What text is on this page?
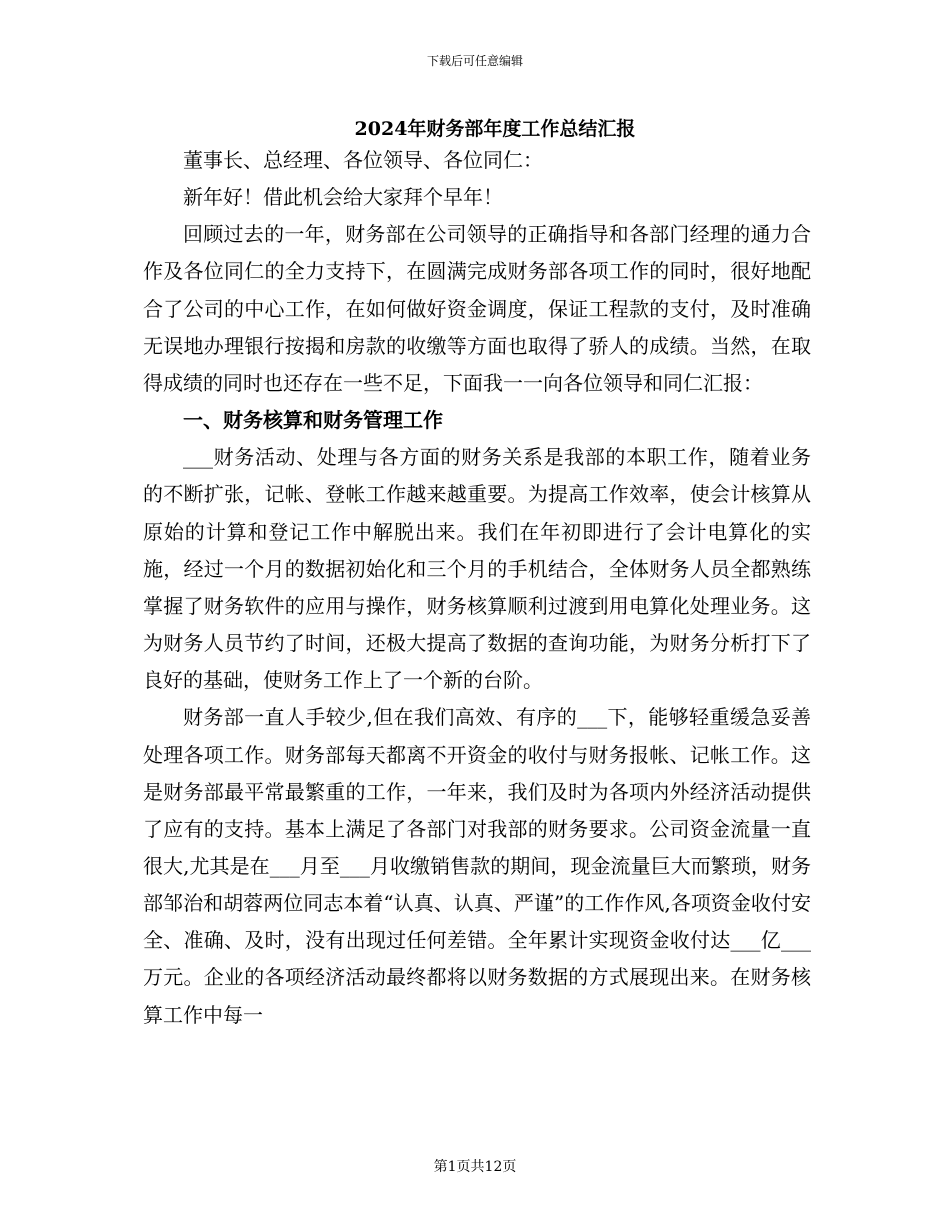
下载后可任意编辑
2024年财务部年度工作总结汇报

董事长、总经理、各位领导、各位同仁：

新年好！借此机会给大家拜个早年！

回顾过去的一年，财务部在公司领导的正确指导和各部门经理的通力合作及各位同仁的全力支持下，在圆满完成财务部各项工作的同时，很好地配合了公司的中心工作，在如何做好资金调度，保证工程款的支付，及时准确无误地办理银行按揭和房款的收缴等方面也取得了骄人的成绩。当然，在取得成绩的同时也还存在一些不足，下面我一一向各位领导和同仁汇报：

一、财务核算和财务管理工作

___财务活动、处理与各方面的财务关系是我部的本职工作，随着业务的不断扩张，记帐、登帐工作越来越重要。为提高工作效率，使会计核算从原始的计算和登记工作中解脱出来。我们在年初即进行了会计电算化的实施，经过一个月的数据初始化和三个月的手机结合，全体财务人员全都熟练掌握了财务软件的应用与操作，财务核算顺利过渡到用电算化处理业务。这为财务人员节约了时间，还极大提高了数据的查询功能，为财务分析打下了良好的基础，使财务工作上了一个新的台阶。

财务部一直人手较少,但在我们高效、有序的___下，能够轻重缓急妥善处理各项工作。财务部每天都离不开资金的收付与财务报帐、记帐工作。这是财务部最平常最繁重的工作，一年来，我们及时为各项内外经济活动提供了应有的支持。基本上满足了各部门对我部的财务要求。公司资金流量一直很大,尤其是在___月至___月收缴销售款的期间，现金流量巨大而繁琐，财务部邹治和胡蓉两位同志本着“认真、认真、严谨”的工作作风,各项资金收付安全、准确、及时，没有出现过任何差错。全年累计实现资金收付达___亿___万元。企业的各项经济活动最终都将以财务数据的方式展现出来。在财务核算工作中每一

第1页共12页
